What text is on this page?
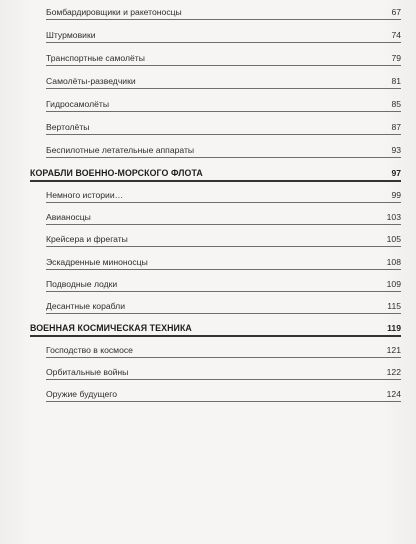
Бомбардировщики и ракетоносцы	67
Штурмовики	74
Транспортные самолёты	79
Самолёты-разведчики	81
Гидросамолёты	85
Вертолёты	87
Беспилотные летательные аппараты	93
КОРАБЛИ ВОЕННО-МОРСКОГО ФЛОТА	97
Немного истории…	99
Авианосцы	103
Крейсера и фрегаты	105
Эскадренные миноносцы	108
Подводные лодки	109
Десантные корабли	115
ВОЕННАЯ КОСМИЧЕСКАЯ ТЕХНИКА	119
Господство в космосе	121
Орбитальные войны	122
Оружие будущего	124
